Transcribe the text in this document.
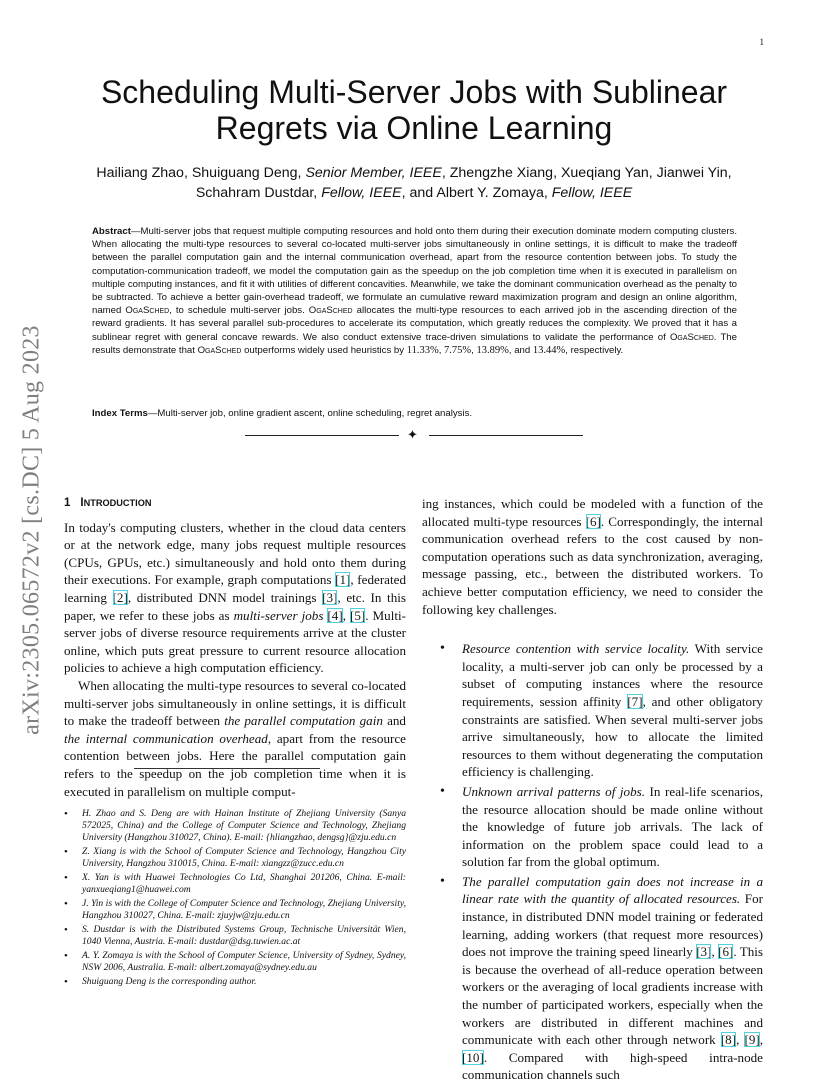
1
arXiv:2305.06572v2 [cs.DC] 5 Aug 2023
Scheduling Multi-Server Jobs with Sublinear
Regrets via Online Learning
Hailiang Zhao, Shuiguang Deng, Senior Member, IEEE, Zhengzhe Xiang, Xueqiang Yan, Jianwei Yin,
Schahram Dustdar, Fellow, IEEE, and Albert Y. Zomaya, Fellow, IEEE
Abstract—Multi-server jobs that request multiple computing resources and hold onto them during their execution dominate modern computing clusters. When allocating the multi-type resources to several co-located multi-server jobs simultaneously in online settings, it is difficult to make the tradeoff between the parallel computation gain and the internal communication overhead, apart from the resource contention between jobs. To study the computation-communication tradeoff, we model the computation gain as the speedup on the job completion time when it is executed in parallelism on multiple computing instances, and fit it with utilities of different concavities. Meanwhile, we take the dominant communication overhead as the penalty to be subtracted. To achieve a better gain-overhead tradeoff, we formulate an cumulative reward maximization program and design an online algorithm, named OgaSched, to schedule multi-server jobs. OgaSched allocates the multi-type resources to each arrived job in the ascending direction of the reward gradients. It has several parallel sub-procedures to accelerate its computation, which greatly reduces the complexity. We proved that it has a sublinear regret with general concave rewards. We also conduct extensive trace-driven simulations to validate the performance of OgaSched. The results demonstrate that OgaSched outperforms widely used heuristics by 11.33%, 7.75%, 13.89%, and 13.44%, respectively.
Index Terms—Multi-server job, online gradient ascent, online scheduling, regret analysis.
✦
1 INTRODUCTION

In today's computing clusters, whether in the cloud data centers or at the network edge, many jobs request multiple resources (CPUs, GPUs, etc.) simultaneously and hold onto them during their executions. For example, graph computations [1], federated learning [2], distributed DNN model trainings [3], etc. In this paper, we refer to these jobs as multi-server jobs [4], [5]. Multi-server jobs of diverse resource requirements arrive at the cluster online, which puts great pressure to current resource allocation policies to achieve a high computation efficiency.

When allocating the multi-type resources to several co-located multi-server jobs simultaneously in online settings, it is difficult to make the tradeoff between the parallel computation gain and the internal communication overhead, apart from the resource contention between jobs. Here the parallel computation gain refers to the speedup on the job completion time when it is executed in parallelism on multiple comput-

• H. Zhao and S. Deng are with Hainan Institute of Zhejiang University (Sanya 572025, China) and the College of Computer Science and Technology, Zhejiang University (Hangzhou 310027, China). E-mail: {hliangzhao, dengsg}@zju.edu.cn
• Z. Xiang is with the School of Computer Science and Technology, Hangzhou City University, Hangzhou 310015, China. E-mail: xiangzz@zucc.edu.cn
• X. Yan is with Huawei Technologies Co Ltd, Shanghai 201206, China. E-mail: yanxueqiang1@huawei.com
• J. Yin is with the College of Computer Science and Technology, Zhejiang University, Hangzhou 310027, China. E-mail: zjuyjw@zju.edu.cn
• S. Dustdar is with the Distributed Systems Group, Technische Universität Wien, 1040 Vienna, Austria. E-mail: dustdar@dsg.tuwien.ac.at
• A. Y. Zomaya is with the School of Computer Science, University of Sydney, Sydney, NSW 2006, Australia. E-mail: albert.zomaya@sydney.edu.au
• Shuiguang Deng is the corresponding author.

ing instances, which could be modeled with a function of the allocated multi-type resources [6]. Correspondingly, the internal communication overhead refers to the cost caused by non-computation operations such as data synchronization, averaging, message passing, etc., between the distributed workers. To achieve better computation efficiency, we need to consider the following key challenges.

• Resource contention with service locality. With service locality, a multi-server job can only be processed by a subset of computing instances where the resource requirements, session affinity [7], and other obligatory constraints are satisfied. When several multi-server jobs arrive simultaneously, how to allocate the limited resources to them without degenerating the computation efficiency is challenging.
• Unknown arrival patterns of jobs. In real-life scenarios, the resource allocation should be made online without the knowledge of future job arrivals. The lack of information on the problem space could lead to a solution far from the global optimum.
• The parallel computation gain does not increase in a linear rate with the quantity of allocated resources. For instance, in distributed DNN model training or federated learning, adding workers (that request more resources) does not improve the training speed linearly [3], [6]. This is because the overhead of all-reduce operation between workers or the averaging of local gradients increase with the number of participated workers, especially when the workers are distributed in different machines and communicate with each other through network [8], [9], [10]. Compared with high-speed intra-node communication channels such
